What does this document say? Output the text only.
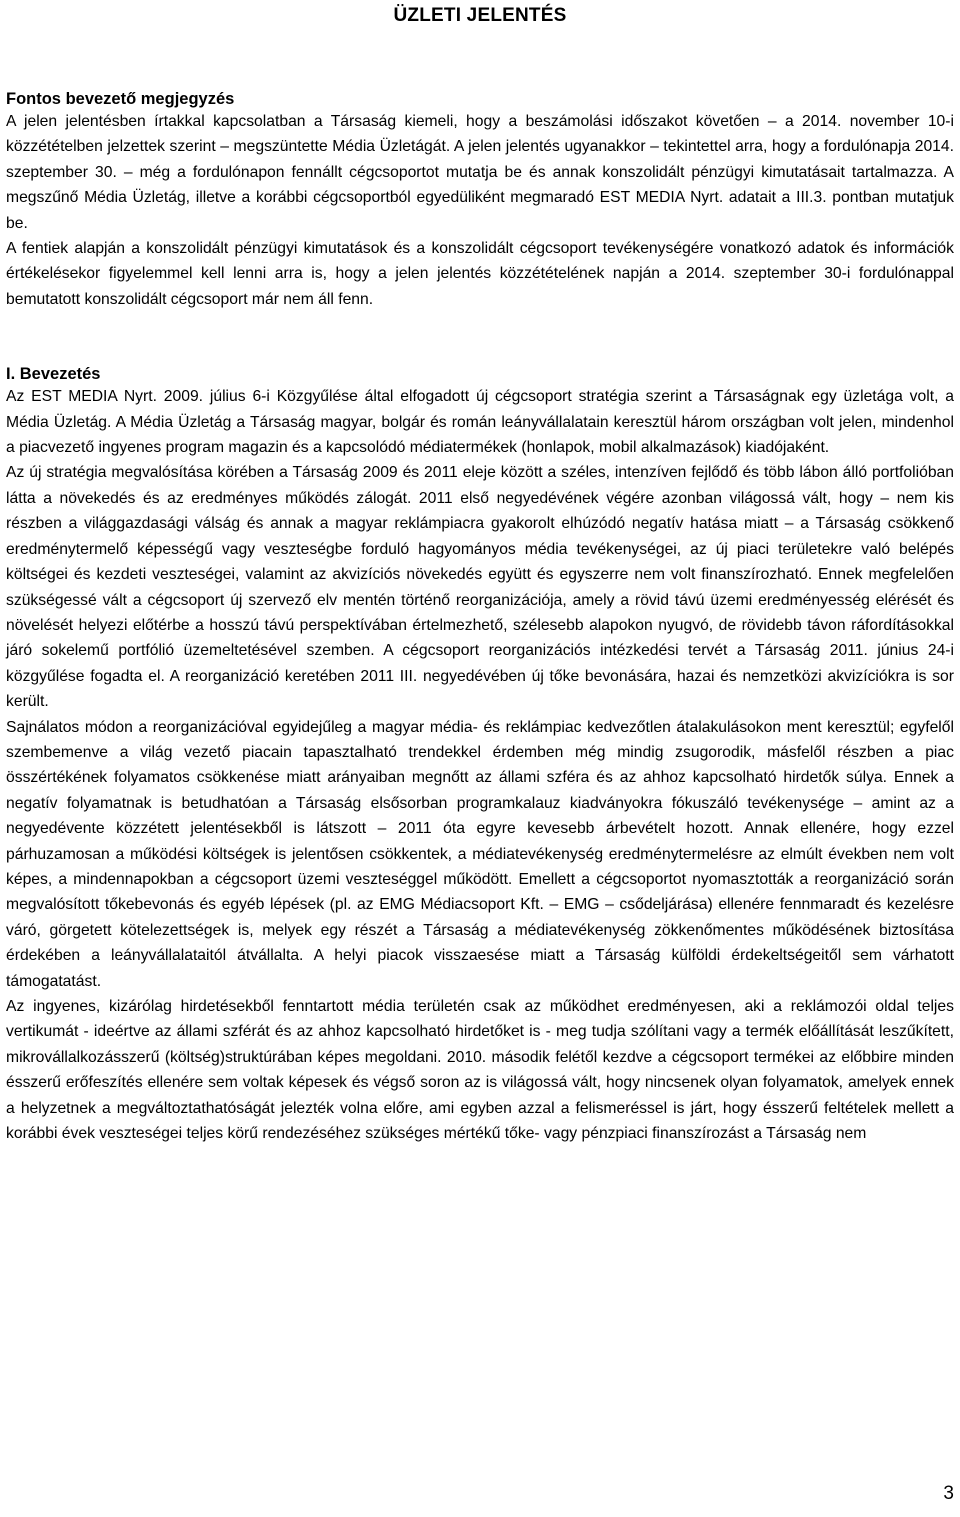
ÜZLETI JELENTÉS
Fontos bevezető megjegyzés

A jelen jelentésben írtakkal kapcsolatban a Társaság kiemeli, hogy a beszámolási időszakot követően – a 2014. november 10-i közzétételben jelzettek szerint – megszüntette Média Üzletágát. A jelen jelentés ugyanakkor – tekintettel arra, hogy a fordulónapja 2014. szeptember 30. – még a fordulónapon fennállt cégcsoportot mutatja be és annak konszolidált pénzügyi kimutatásait tartalmazza. A megszűnő Média Üzletág, illetve a korábbi cégcsoportból egyedüliként megmaradó EST MEDIA Nyrt. adatait a III.3. pontban mutatjuk be.

A fentiek alapján a konszolidált pénzügyi kimutatások és a konszolidált cégcsoport tevékenységére vonatkozó adatok és információk értékelésekor figyelemmel kell lenni arra is, hogy a jelen jelentés közzétételének napján a 2014. szeptember 30-i fordulónappal bemutatott konszolidált cégcsoport már nem áll fenn.

I. Bevezetés

Az EST MEDIA Nyrt. 2009. július 6-i Közgyűlése által elfogadott új cégcsoport stratégia szerint a Társaságnak egy üzletága volt, a Média Üzletág. A Média Üzletág a Társaság magyar, bolgár és román leányvállalatain keresztül három országban volt jelen, mindenhol a piacvezető ingyenes program magazin és a kapcsolódó médiatermékek (honlapok, mobil alkalmazások) kiadójaként.

Az új stratégia megvalósítása körében a Társaság 2009 és 2011 eleje között a széles, intenzíven fejlődő és több lábon álló portfolióban látta a növekedés és az eredményes működés zálogát. 2011 első negyedévének végére azonban világossá vált, hogy – nem kis részben a világgazdasági válság és annak a magyar reklámpiacra gyakorolt elhúzódó negatív hatása miatt – a Társaság csökkenő eredménytermelő képességű vagy veszteségbe forduló hagyományos média tevékenységei, az új piaci területekre való belépés költségei és kezdeti veszteségei, valamint az akvizíciós növekedés együtt és egyszerre nem volt finanszírozható. Ennek megfelelően szükségessé vált a cégcsoport új szervező elv mentén történő reorganizációja, amely a rövid távú üzemi eredményesség elérését és növelését helyezi előtérbe a hosszú távú perspektívában értelmezhető, szélesebb alapokon nyugvó, de rövidebb távon ráfordításokkal járó sokelemű portfólió üzemeltetésével szemben. A cégcsoport reorganizációs intézkedési tervét a Társaság 2011. június 24-i közgyűlése fogadta el. A reorganizáció keretében 2011 III. negyedévében új tőke bevonására, hazai és nemzetközi akvizíciókra is sor került.

Sajnálatos módon a reorganizációval egyidejűleg a magyar média- és reklámpiac kedvezőtlen átalakulásokon ment keresztül; egyfelől szembemenve a világ vezető piacain tapasztalható trendekkel érdemben még mindig zsugorodik, másfelől részben a piac összértékének folyamatos csökkenése miatt arányaiban megnőtt az állami szféra és az ahhoz kapcsolható hirdetők súlya. Ennek a negatív folyamatnak is betudhatóan a Társaság elsősorban programkalauz kiadványokra fókuszáló tevékenysége – amint az a negyedévente közzétett jelentésekből is látszott – 2011 óta egyre kevesebb árbevételt hozott. Annak ellenére, hogy ezzel párhuzamosan a működési költségek is jelentősen csökkentek, a médiatevékenység eredménytermelésre az elmúlt években nem volt képes, a mindennapokban a cégcsoport üzemi veszteséggel működött. Emellett a cégcsoportot nyomasztották a reorganizáció során megvalósított tőkebevonás és egyéb lépések (pl. az EMG Médiacsoport Kft. – EMG – csődeljárása) ellenére fennmaradt és kezelésre váró, görgetett kötelezettségek is, melyek egy részét a Társaság a médiatevékenység zökkenőmentes működésének biztosítása érdekében a leányvállalataitól átvállalta. A helyi piacok visszaesése miatt a Társaság külföldi érdekeltségeitől sem várhatott támogatatást.

Az ingyenes, kizárólag hirdetésekből fenntartott média területén csak az működhet eredményesen, aki a reklámozói oldal teljes vertikumát - ideértve az állami szférát és az ahhoz kapcsolható hirdetőket is - meg tudja szólítani vagy a termék előállítását leszűkített, mikrovállalkozásszerű (költség)struktúrában képes megoldani. 2010. második felétől kezdve a cégcsoport termékei az előbbire minden ésszerű erőfeszítés ellenére sem voltak képesek és végső soron az is világossá vált, hogy nincsenek olyan folyamatok, amelyek ennek a helyzetnek a megváltoztathatóságát jelezték volna előre, ami egyben azzal a felismeréssel is járt, hogy ésszerű feltételek mellett a korábbi évek veszteségei teljes körű rendezéséhez szükséges mértékű tőke- vagy pénzpiaci finanszírozást a Társaság nem

3
